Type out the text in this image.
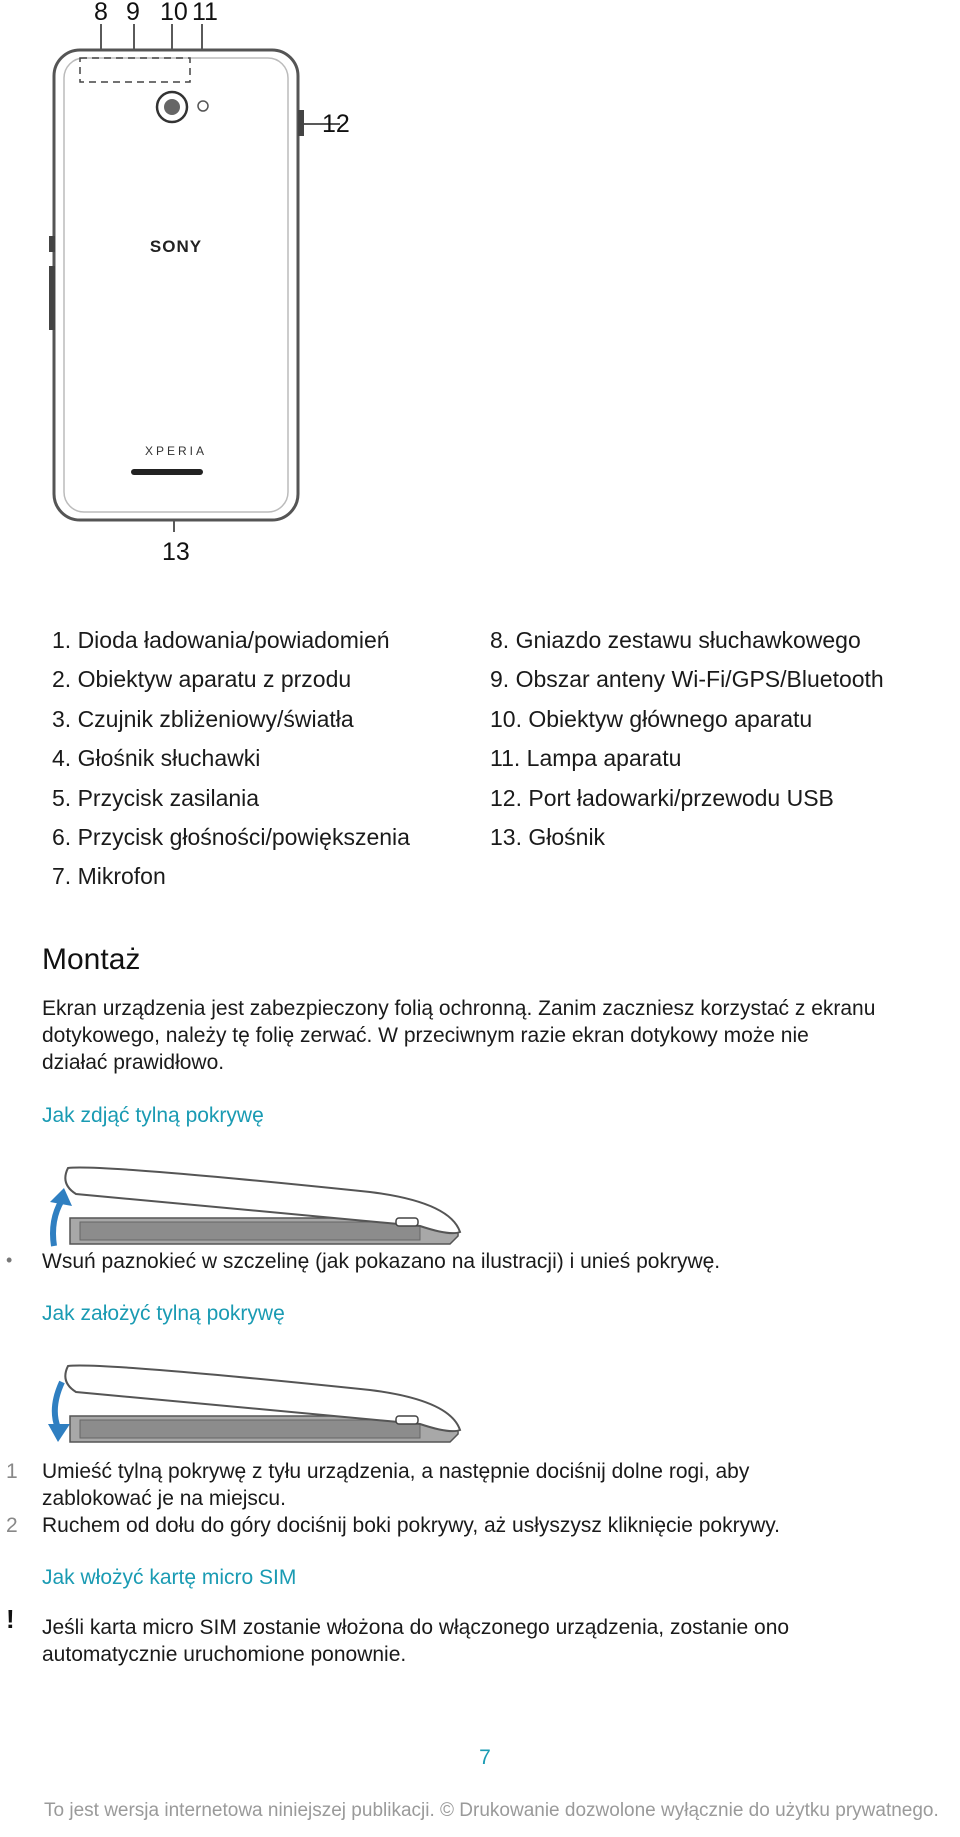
8 9 10 11
12
13
SONY
XPERIA
1. Dioda ładowania/powiadomień
2. Obiektyw aparatu z przodu
3. Czujnik zbliżeniowy/światła
4. Głośnik słuchawki
5. Przycisk zasilania
6. Przycisk głośności/powiększenia
7. Mikrofon
8. Gniazdo zestawu słuchawkowego
9. Obszar anteny Wi-Fi/GPS/Bluetooth
10. Obiektyw głównego aparatu
11. Lampa aparatu
12. Port ładowarki/przewodu USB
13. Głośnik
Montaż
Ekran urządzenia jest zabezpieczony folią ochronną. Zanim zaczniesz korzystać z ekranu
dotykowego, należy tę folię zerwać. W przeciwnym razie ekran dotykowy może nie
działać prawidłowo.
Jak zdjąć tylną pokrywę
• Wsuń paznokieć w szczelinę (jak pokazano na ilustracji) i unieś pokrywę.
Jak założyć tylną pokrywę
1 Umieść tylną pokrywę z tyłu urządzenia, a następnie dociśnij dolne rogi, aby
zablokować je na miejscu.
2 Ruchem od dołu do góry dociśnij boki pokrywy, aż usłyszysz kliknięcie pokrywy.
Jak włożyć kartę micro SIM
! Jeśli karta micro SIM zostanie włożona do włączonego urządzenia, zostanie ono
automatycznie uruchomione ponownie.
7
To jest wersja internetowa niniejszej publikacji. © Drukowanie dozwolone wyłącznie do użytku prywatnego.
